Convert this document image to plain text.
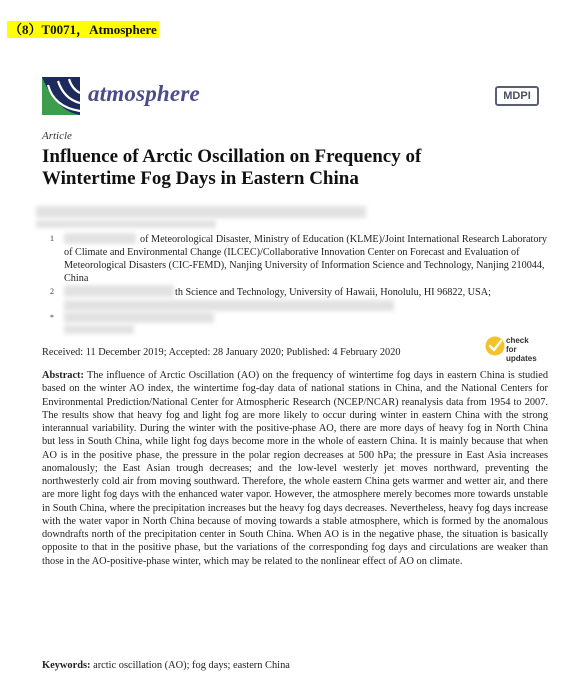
（8）T0071，Atmosphere
atmosphere	MDPI
Article
Influence of Arctic Oscillation on Frequency of Wintertime Fog Days in Eastern China
1	of Meteorological Disaster, Ministry of Education (KLME)/Joint International Research Laboratory of Climate and Environmental Change (ILCEC)/Collaborative Innovation Center on Forecast and Evaluation of Meteorological Disasters (CIC-FEMD), Nanjing University of Information Science and Technology, Nanjing 210044, China

2	th Science and Technology, University of Hawaii, Honolulu, HI 96822, USA;

*
Received: 11 December 2019; Accepted: 28 January 2020; Published: 4 February 2020
check for
updates

Abstract: The influence of Arctic Oscillation (AO) on the frequency of wintertime fog days in eastern China is studied based on the winter AO index, the wintertime fog-day data of national stations in China, and the National Centers for Environmental Prediction/National Center for Atmospheric Research (NCEP/NCAR) reanalysis data from 1954 to 2007. The results show that heavy fog and light fog are more likely to occur during winter in eastern China with the strong interannual variability. During the winter with the positive-phase AO, there are more days of heavy fog in North China but less in South China, while light fog days become more in the whole of eastern China. It is mainly because that when AO is in the positive phase, the pressure in the polar region decreases at 500 hPa; the pressure in East Asia increases anomalously; the East Asian trough decreases; and the low-level westerly jet moves northward, preventing the northwesterly cold air from moving southward. Therefore, the whole eastern China gets warmer and wetter air, and there are more light fog days with the enhanced water vapor. However, the atmosphere merely becomes more towards unstable in South China, where the precipitation increases but the heavy fog days decreases. Nevertheless, heavy fog days increase with the water vapor in North China because of moving towards a stable atmosphere, which is formed by the anomalous downdrafts north of the precipitation center in South China. When AO is in the negative phase, the situation is basically opposite to that in the positive phase, but the variations of the corresponding fog days and circulations are weaker than those in the AO-positive-phase winter, which may be related to the nonlinear effect of AO on climate.

Keywords: arctic oscillation (AO); fog days; eastern China
